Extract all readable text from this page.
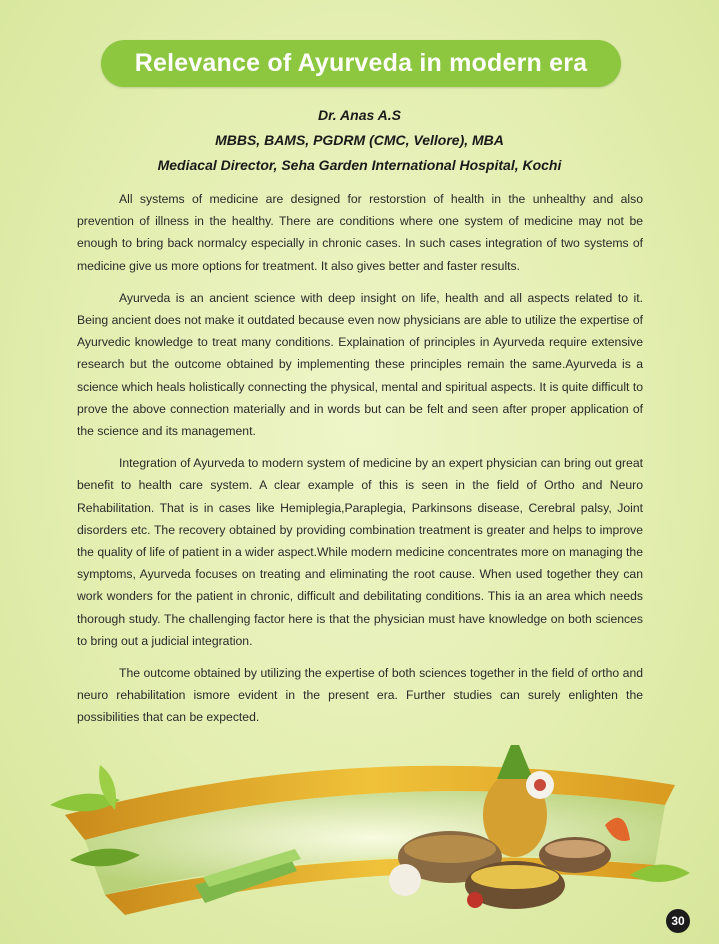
Relevance of Ayurveda in modern era
Dr. Anas A.S
MBBS, BAMS, PGDRM (CMC, Vellore), MBA
Mediacal Director, Seha Garden International Hospital, Kochi

All systems of medicine are designed for restorstion of health in the unhealthy and also prevention of illness in the healthy. There are conditions where one system of medicine may not be enough to bring back normalcy especially in chronic cases. In such cases integration of two systems of medicine give us more options for treatment. It also gives better and faster results.

Ayurveda is an ancient science with deep insight on life, health and all aspects related to it. Being ancient does not make it outdated because even now physicians are able to utilize the expertise of Ayurvedic knowledge to treat many conditions. Explaination of principles in Ayurveda require extensive research but the outcome obtained by implementing these principles remain the same.Ayurveda is a science which heals holistically connecting the physical, mental and spiritual aspects. It is quite difficult to prove the above connection materially and in words but can be felt and seen after proper application of the science and its management.

Integration of Ayurveda to modern system of medicine by an expert physician can bring out great benefit to health care system. A clear example of this is seen in the field of Ortho and Neuro Rehabilitation. That is in cases like Hemiplegia,Paraplegia, Parkinsons disease, Cerebral palsy, Joint disorders etc. The recovery obtained by providing combination treatment is greater and helps to improve the quality of life of patient in a wider aspect.While modern medicine concentrates more on managing the symptoms, Ayurveda focuses on treating and eliminating the root cause. When used together they can work wonders for the patient in chronic, difficult and debilitating conditions. This ia an area which needs thorough study. The challenging factor here is that the physician must have knowledge on both sciences to bring out a judicial integration.

The outcome obtained by utilizing the expertise of both sciences together in the field of ortho and neuro rehabilitation ismore evident in the present era. Further studies can surely enlighten the possibilities that can be expected.

30
